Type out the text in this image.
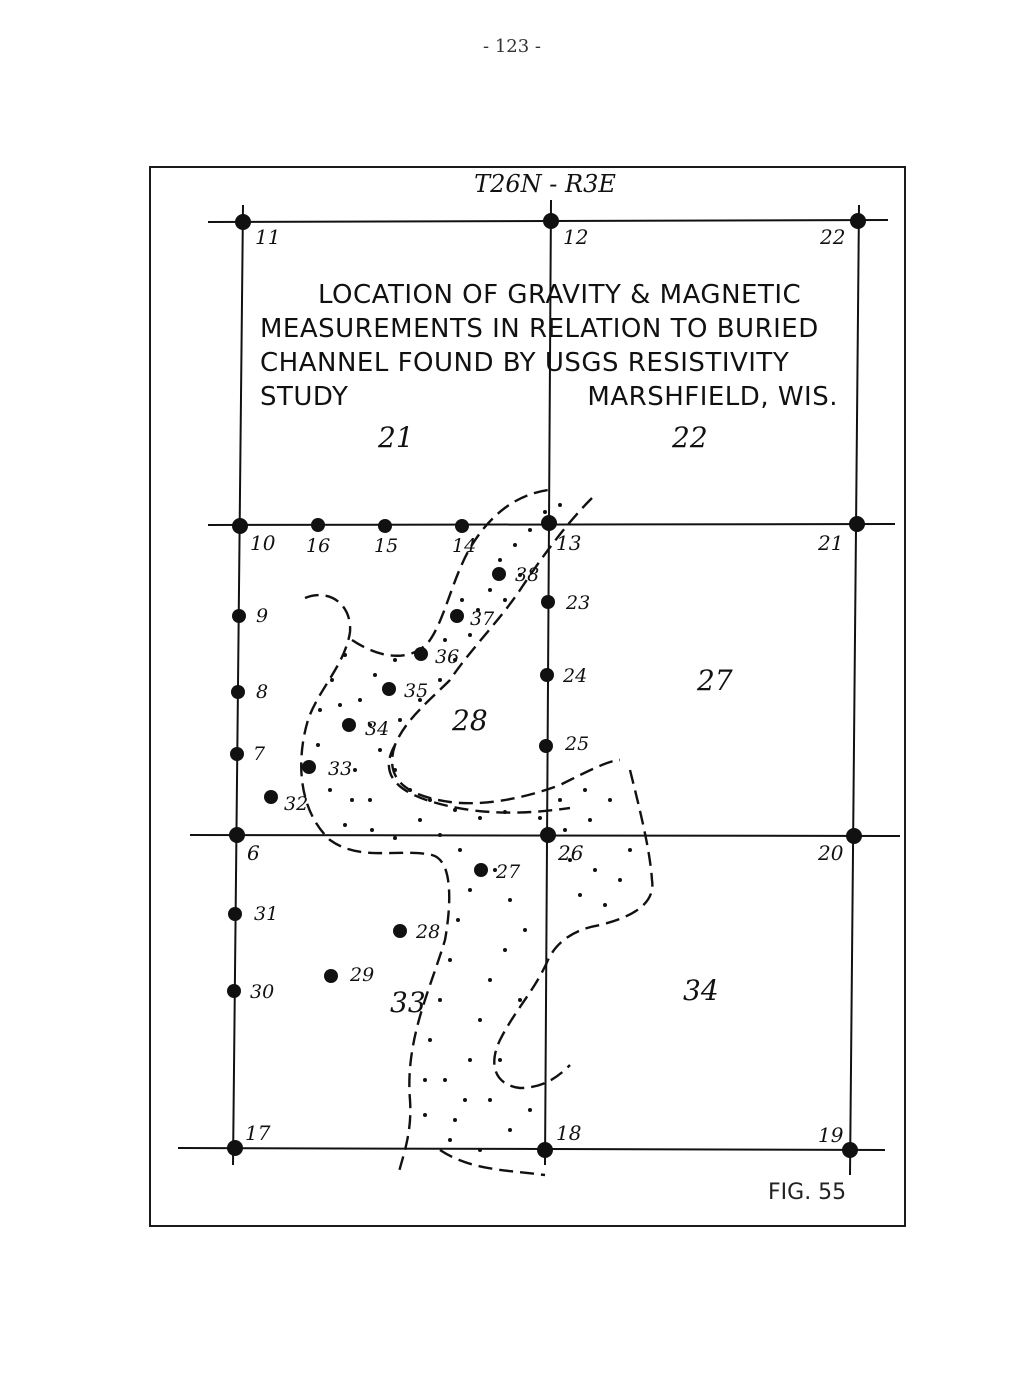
- 123 -
T26N - R3E
21	22
27
28
33	34
11	12	22
10	13	21
6	26	20
17	18	19
16 15	14
9
8
7
23
24
25
38
37
36
35
34
33
32
27
28
29
31
30
LOCATION OF GRAVITY & MAGNETIC
MEASUREMENTS IN RELATION TO BURIED
CHANNEL FOUND BY USGS RESISTIVITY
STUDY	MARSHFIELD, WIS.
FIG. 55
